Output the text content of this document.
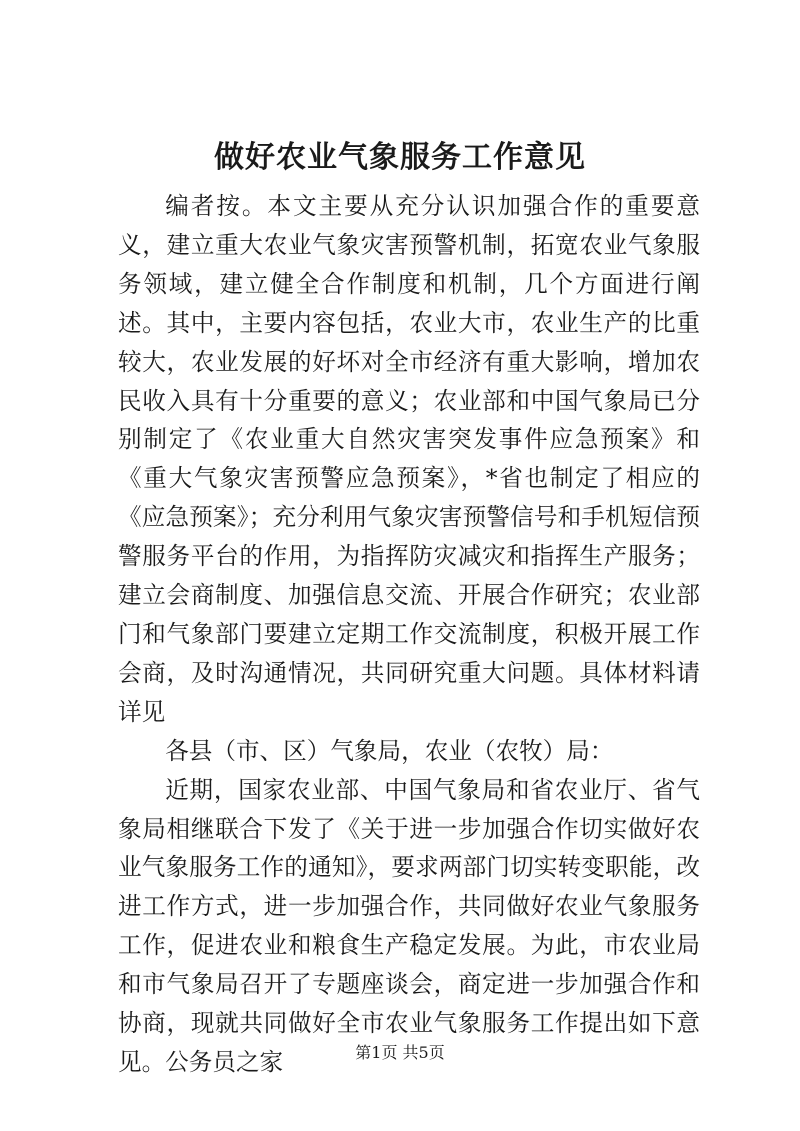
做好农业气象服务工作意见

编者按。本文主要从充分认识加强合作的重要意义，建立重大农业气象灾害预警机制，拓宽农业气象服务领域，建立健全合作制度和机制，几个方面进行阐述。其中，主要内容包括，农业大市，农业生产的比重较大，农业发展的好坏对全市经济有重大影响，增加农民收入具有十分重要的意义；农业部和中国气象局已分别制定了《农业重大自然灾害突发事件应急预案》和《重大气象灾害预警应急预案》，*省也制定了相应的《应急预案》；充分利用气象灾害预警信号和手机短信预警服务平台的作用，为指挥防灾减灾和指挥生产服务；建立会商制度、加强信息交流、开展合作研究；农业部门和气象部门要建立定期工作交流制度，积极开展工作会商，及时沟通情况，共同研究重大问题。具体材料请详见

各县（市、区）气象局，农业（农牧）局：

近期，国家农业部、中国气象局和省农业厅、省气象局相继联合下发了《关于进一步加强合作切实做好农业气象服务工作的通知》，要求两部门切实转变职能，改进工作方式，进一步加强合作，共同做好农业气象服务工作，促进农业和粮食生产稳定发展。为此，市农业局和市气象局召开了专题座谈会，商定进一步加强合作和协商，现就共同做好全市农业气象服务工作提出如下意见。公务员之家	第1页 共5页
